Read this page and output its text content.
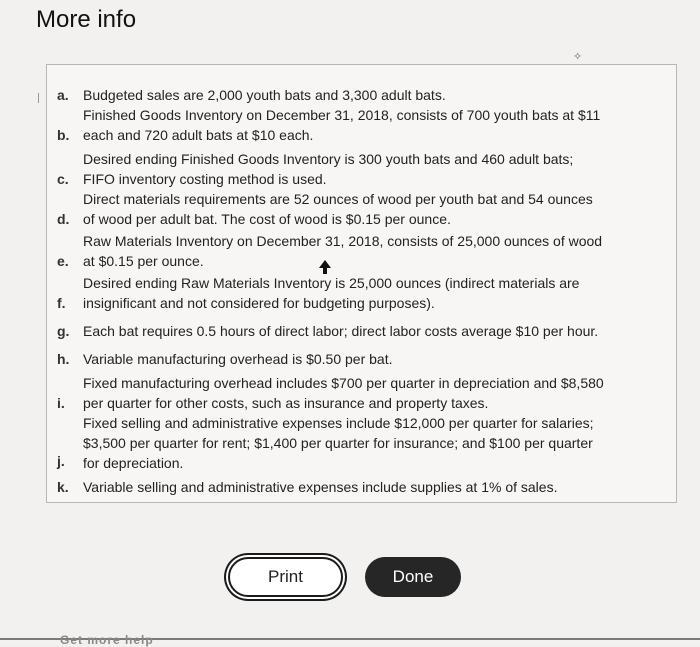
More info
✧
a. Budgeted sales are 2,000 youth bats and 3,300 adult bats.
b.
Finished Goods Inventory on December 31, 2018, consists of 700 youth bats at $11
each and 720 adult bats at $10 each.
c.
Desired ending Finished Goods Inventory is 300 youth bats and 460 adult bats;
FIFO inventory costing method is used.
d.
Direct materials requirements are 52 ounces of wood per youth bat and 54 ounces
of wood per adult bat. The cost of wood is $0.15 per ounce.
e.
Raw Materials Inventory on December 31, 2018, consists of 25,000 ounces of wood
at $0.15 per ounce.
f.
Desired ending Raw Materials Inventory is 25,000 ounces (indirect materials are
insignificant and not considered for budgeting purposes).
g. Each bat requires 0.5 hours of direct labor; direct labor costs average $10 per hour.
h. Variable manufacturing overhead is $0.50 per bat.
i.
Fixed manufacturing overhead includes $700 per quarter in depreciation and $8,580
per quarter for other costs, such as insurance and property taxes.
j.
Fixed selling and administrative expenses include $12,000 per quarter for salaries;
$3,500 per quarter for rent; $1,400 per quarter for insurance; and $100 per quarter
for depreciation.
k. Variable selling and administrative expenses include supplies at 1% of sales.
Print	Done
Get more help
